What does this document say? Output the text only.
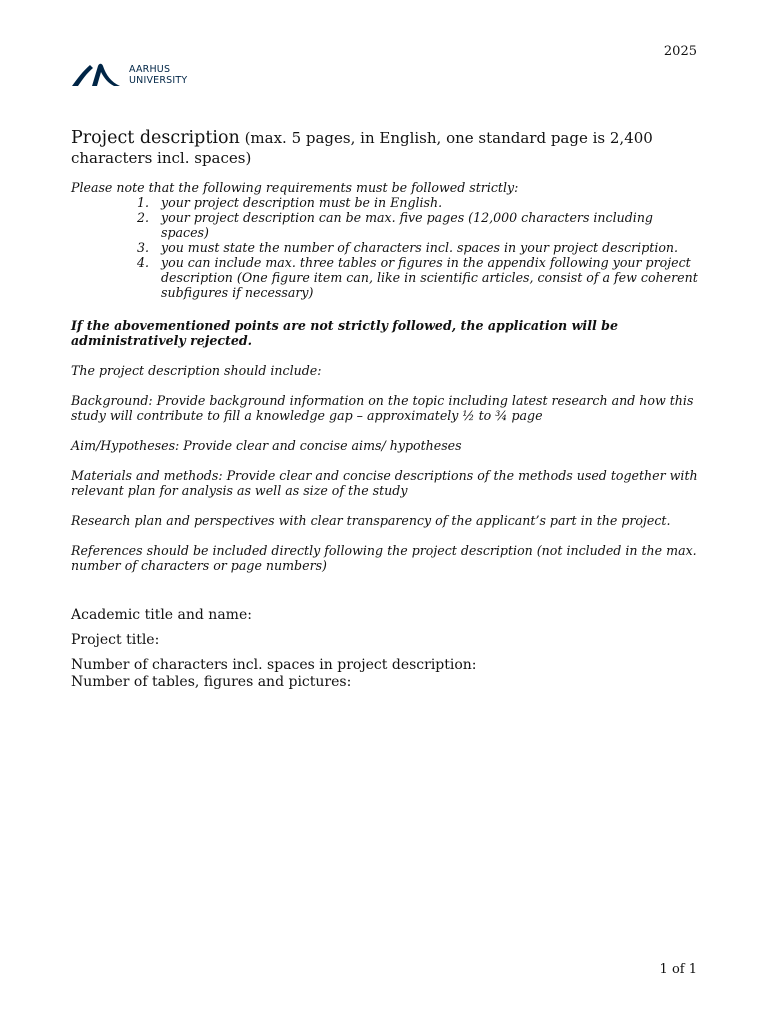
2025
AARHUS
UNIVERSITY

Project description (max. 5 pages, in English, one standard page is 2,400 characters incl. spaces)

Please note that the following requirements must be followed strictly:
1. your project description must be in English.
2. your project description can be max. five pages (12,000 characters including spaces)
3. you must state the number of characters incl. spaces in your project description.
4. you can include max. three tables or figures in the appendix following your project description (One figure item can, like in scientific articles, consist of a few coherent subfigures if necessary)
If the abovementioned points are not strictly followed, the application will be administratively rejected.
The project description should include:
Background: Provide background information on the topic including latest research and how this study will contribute to fill a knowledge gap – approximately ½ to ¾ page
Aim/Hypotheses: Provide clear and concise aims/ hypotheses
Materials and methods: Provide clear and concise descriptions of the methods used together with relevant plan for analysis as well as size of the study
Research plan and perspectives with clear transparency of the applicant’s part in the project.
References should be included directly following the project description (not included in the max. number of characters or page numbers)
Academic title and name:
Project title:
Number of characters incl. spaces in project description:
Number of tables, figures and pictures:
1 of 1
